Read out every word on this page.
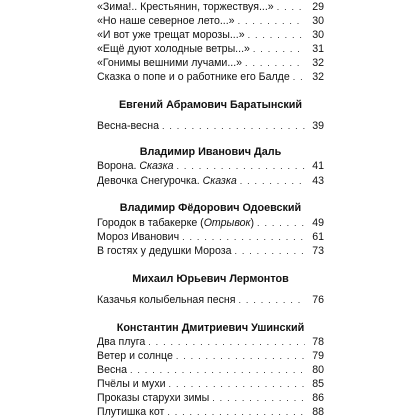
«Зима!.. Крестьянин, торжествуя...» . . .	29
«Но наше северное лето...» . . .	30
«И вот уже трещат морозы...» . . .	30
«Ещё дуют холодные ветры...» . . .	31
«Гонимы вешними лучами...» . . .	32
Сказка о попе и о работнике его Балде . . .	32
Евгений Абрамович Баратынский
Весна-весна . . .	39
Владимир Иванович Даль
Ворона. Сказка . . .	41
Девочка Снегурочка. Сказка . . .	43
Владимир Фёдорович Одоевский
Городок в табакерке (Отрывок) . . .	49
Мороз Иванович . . .	61
В гостях у дедушки Мороза . . .	73
Михаил Юрьевич Лермонтов
Казачья колыбельная песня . . .	76
Константин Дмитриевич Ушинский
Два плуга . . .	78
Ветер и солнце . . .	79
Весна . . .	80
Пчёлы и мухи . . .	85
Проказы старухи зимы . . .	86
Плутишка кот . . .	88
